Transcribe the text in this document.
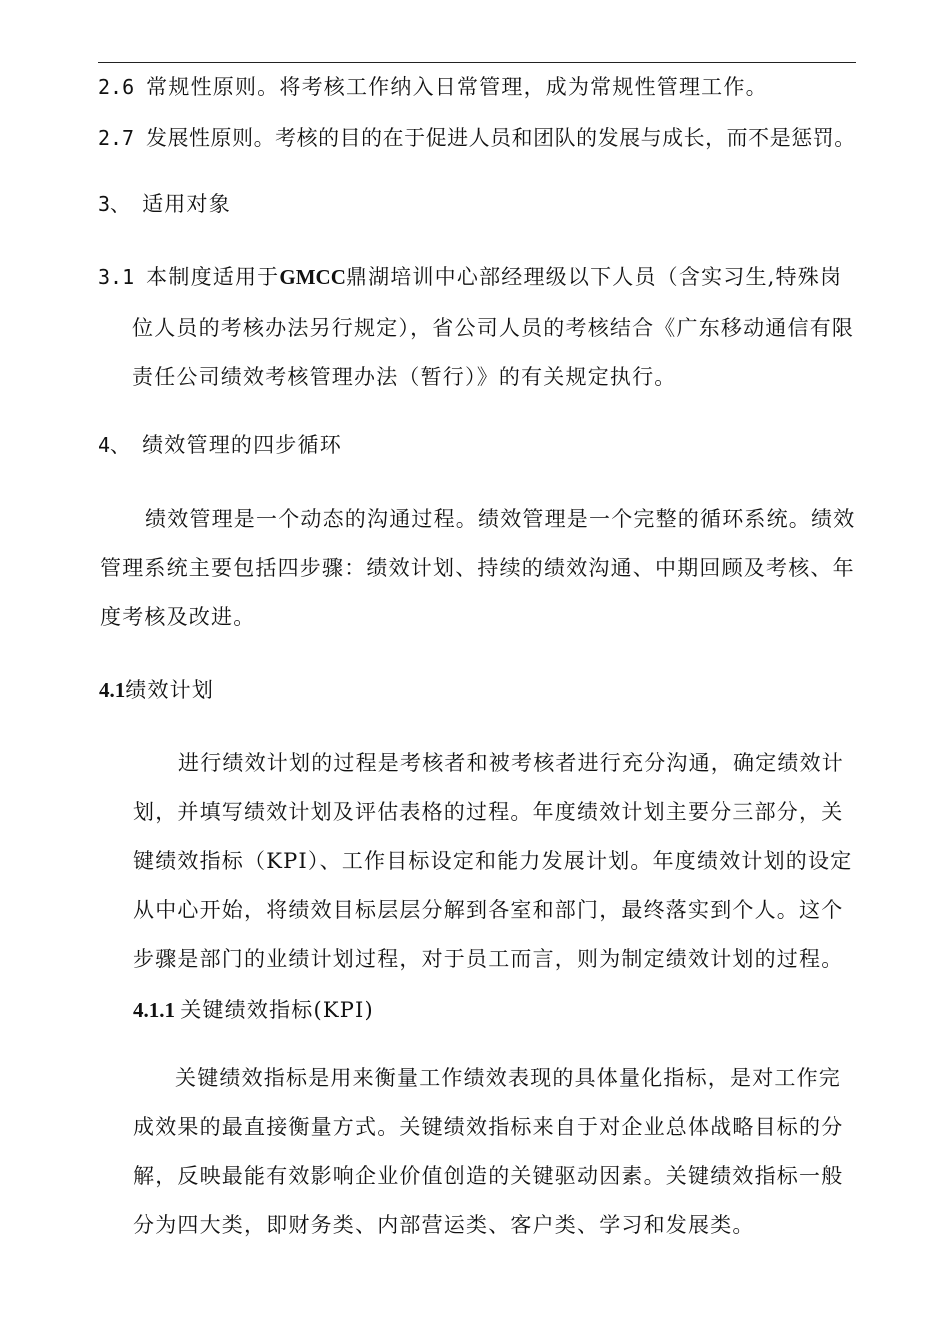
2.6 常规性原则。将考核工作纳入日常管理，成为常规性管理工作。
2.7 发展性原则。考核的目的在于促进人员和团队的发展与成长，而不是惩罚。
3、 适用对象
3.1 本制度适用于GMCC鼎湖培训中心部经理级以下人员（含实习生,特殊岗
位人员的考核办法另行规定），省公司人员的考核结合《广东移动通信有限
责任公司绩效考核管理办法（暂行）》的有关规定执行。
4、 绩效管理的四步循环
绩效管理是一个动态的沟通过程。绩效管理是一个完整的循环系统。绩效
管理系统主要包括四步骤：绩效计划、持续的绩效沟通、中期回顾及考核、年
度考核及改进。
4.1绩效计划
进行绩效计划的过程是考核者和被考核者进行充分沟通，确定绩效计
划，并填写绩效计划及评估表格的过程。年度绩效计划主要分三部分，关
键绩效指标（KPI）、工作目标设定和能力发展计划。年度绩效计划的设定
从中心开始，将绩效目标层层分解到各室和部门，最终落实到个人。这个
步骤是部门的业绩计划过程，对于员工而言，则为制定绩效计划的过程。
4.1.1 关键绩效指标(KPI)
关键绩效指标是用来衡量工作绩效表现的具体量化指标，是对工作完
成效果的最直接衡量方式。关键绩效指标来自于对企业总体战略目标的分
解，反映最能有效影响企业价值创造的关键驱动因素。关键绩效指标一般
分为四大类，即财务类、内部营运类、客户类、学习和发展类。
